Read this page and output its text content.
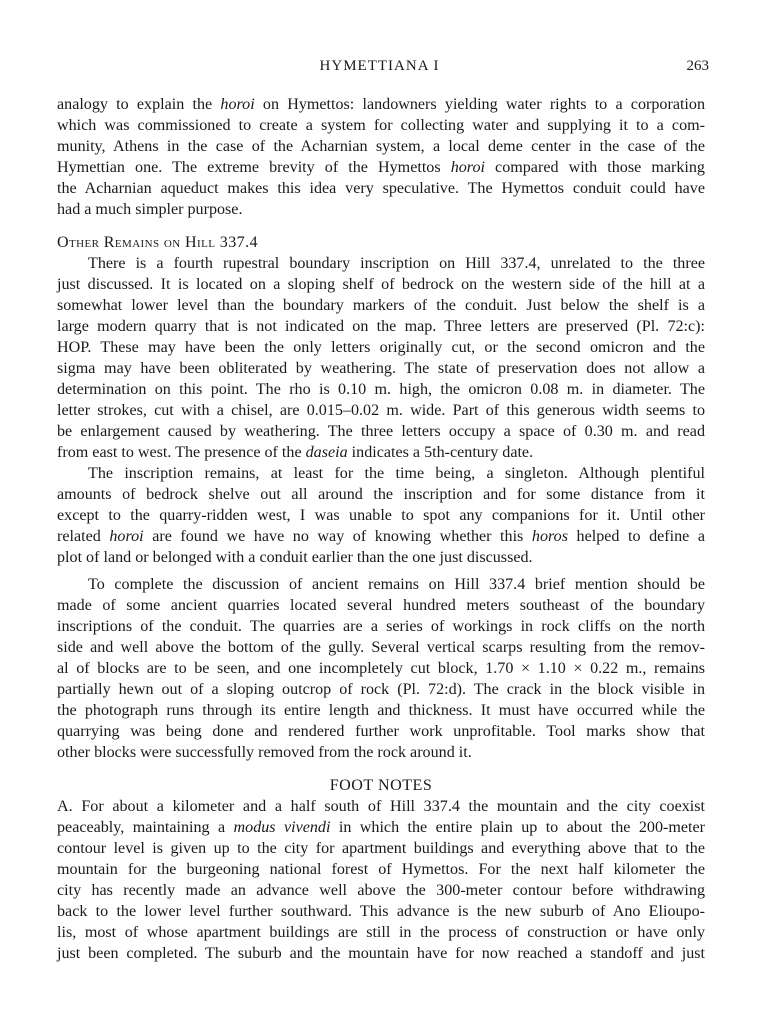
HYMETTIANA I	263
analogy to explain the horoi on Hymettos: landowners yielding water rights to a corporation
which was commissioned to create a system for collecting water and supplying it to a com-
munity, Athens in the case of the Acharnian system, a local deme center in the case of the
Hymettian one. The extreme brevity of the Hymettos horoi compared with those marking
the Acharnian aqueduct makes this idea very speculative. The Hymettos conduit could have
had a much simpler purpose.
Other Remains on Hill 337.4
There is a fourth rupestral boundary inscription on Hill 337.4, unrelated to the three
just discussed. It is located on a sloping shelf of bedrock on the western side of the hill at a
somewhat lower level than the boundary markers of the conduit. Just below the shelf is a
large modern quarry that is not indicated on the map. Three letters are preserved (Pl. 72:c):
HOP. These may have been the only letters originally cut, or the second omicron and the
sigma may have been obliterated by weathering. The state of preservation does not allow a
determination on this point. The rho is 0.10 m. high, the omicron 0.08 m. in diameter. The
letter strokes, cut with a chisel, are 0.015–0.02 m. wide. Part of this generous width seems to
be enlargement caused by weathering. The three letters occupy a space of 0.30 m. and read
from east to west. The presence of the daseia indicates a 5th-century date.
The inscription remains, at least for the time being, a singleton. Although plentiful
amounts of bedrock shelve out all around the inscription and for some distance from it
except to the quarry-ridden west, I was unable to spot any companions for it. Until other
related horoi are found we have no way of knowing whether this horos helped to define a
plot of land or belonged with a conduit earlier than the one just discussed.
To complete the discussion of ancient remains on Hill 337.4 brief mention should be
made of some ancient quarries located several hundred meters southeast of the boundary
inscriptions of the conduit. The quarries are a series of workings in rock cliffs on the north
side and well above the bottom of the gully. Several vertical scarps resulting from the remov-
al of blocks are to be seen, and one incompletely cut block, 1.70 × 1.10 × 0.22 m., remains
partially hewn out of a sloping outcrop of rock (Pl. 72:d). The crack in the block visible in
the photograph runs through its entire length and thickness. It must have occurred while the
quarrying was being done and rendered further work unprofitable. Tool marks show that
other blocks were successfully removed from the rock around it.
FOOT NOTES
A. For about a kilometer and a half south of Hill 337.4 the mountain and the city coexist
peaceably, maintaining a modus vivendi in which the entire plain up to about the 200-meter
contour level is given up to the city for apartment buildings and everything above that to the
mountain for the burgeoning national forest of Hymettos. For the next half kilometer the
city has recently made an advance well above the 300-meter contour before withdrawing
back to the lower level further southward. This advance is the new suburb of Ano Elioupo-
lis, most of whose apartment buildings are still in the process of construction or have only
just been completed. The suburb and the mountain have for now reached a standoff and just
